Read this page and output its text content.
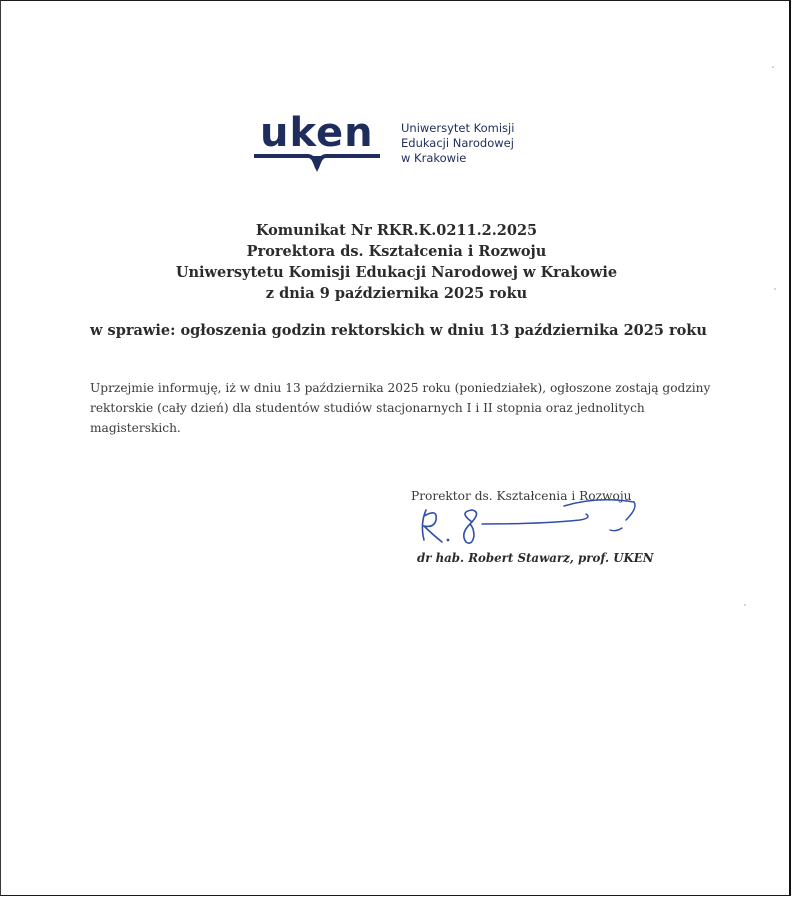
uken Uniwersytet Komisji
Edukacji Narodowej
w Krakowie
Komunikat Nr RKR.K.0211.2.2025
Prorektora ds. Kształcenia i Rozwoju
Uniwersytetu Komisji Edukacji Narodowej w Krakowie
z dnia 9 października 2025 roku
w sprawie: ogłoszenia godzin rektorskich w dniu 13 października 2025 roku
Uprzejmie informuję, iż w dniu 13 października 2025 roku (poniedziałek), ogłoszone zostają godziny
rektorskie (cały dzień) dla studentów studiów stacjonarnych I i II stopnia oraz jednolitych
magisterskich.
Prorektor ds. Kształcenia i Rozwoju
dr hab. Robert Stawarz, prof. UKEN
